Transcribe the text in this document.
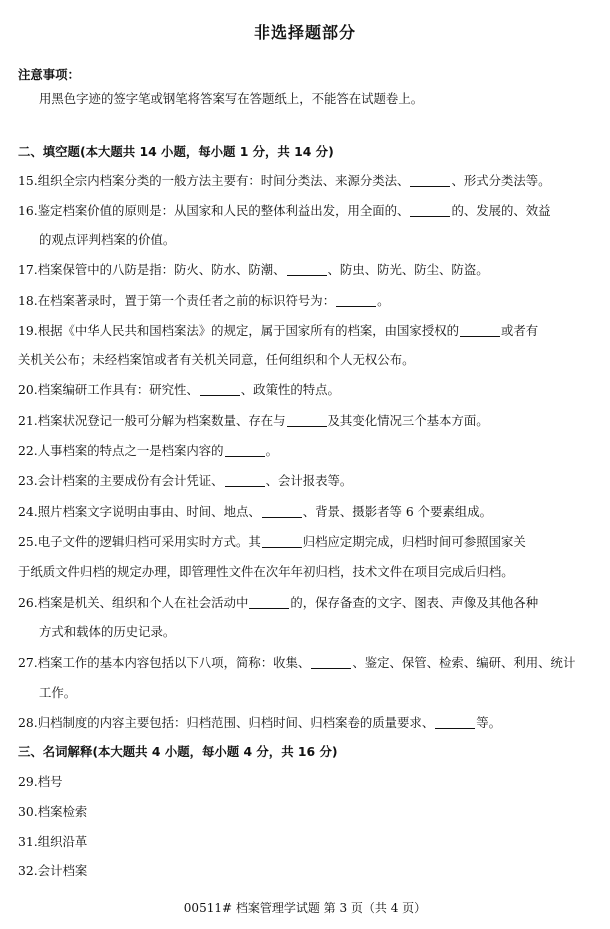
非选择题部分
注意事项：
用黑色字迹的签字笔或钢笔将答案写在答题纸上，不能答在试题卷上。
二、填空题(本大题共 14 小题，每小题 1 分，共 14 分)
15.组织全宗内档案分类的一般方法主要有：时间分类法、来源分类法、	、形式分类法等。
16.鉴定档案价值的原则是：从国家和人民的整体利益出发，用全面的、	的、发展的、效益
的观点评判档案的价值。
17.档案保管中的八防是指：防火、防水、防潮、	、防虫、防光、防尘、防盗。
18.在档案著录时，置于第一个责任者之前的标识符号为：	。
19.根据《中华人民共和国档案法》的规定，属于国家所有的档案，由国家授权的	或者有
关机关公布；未经档案馆或者有关机关同意，任何组织和个人无权公布。
20.档案编研工作具有：研究性、	、政策性的特点。
21.档案状况登记一般可分解为档案数量、存在与	及其变化情况三个基本方面。
22.人事档案的特点之一是档案内容的	。
23.会计档案的主要成份有会计凭证、	、会计报表等。
24.照片档案文字说明由事由、时间、地点、	、背景、摄影者等 6 个要素组成。
25.电子文件的逻辑归档可采用实时方式。其	归档应定期完成，归档时间可参照国家关
于纸质文件归档的规定办理，即管理性文件在次年年初归档，技术文件在项目完成后归档。
26.档案是机关、组织和个人在社会活动中	的，保存备查的文字、图表、声像及其他各种
方式和载体的历史记录。
27.档案工作的基本内容包括以下八项，简称：收集、	、鉴定、保管、检索、编研、利用、统计
工作。
28.归档制度的内容主要包括：归档范围、归档时间、归档案卷的质量要求、	等。
三、名词解释(本大题共 4 小题，每小题 4 分，共 16 分)
29.档号
30.档案检索
31.组织沿革
32.会计档案
00511# 档案管理学试题 第 3 页（共 4 页）
